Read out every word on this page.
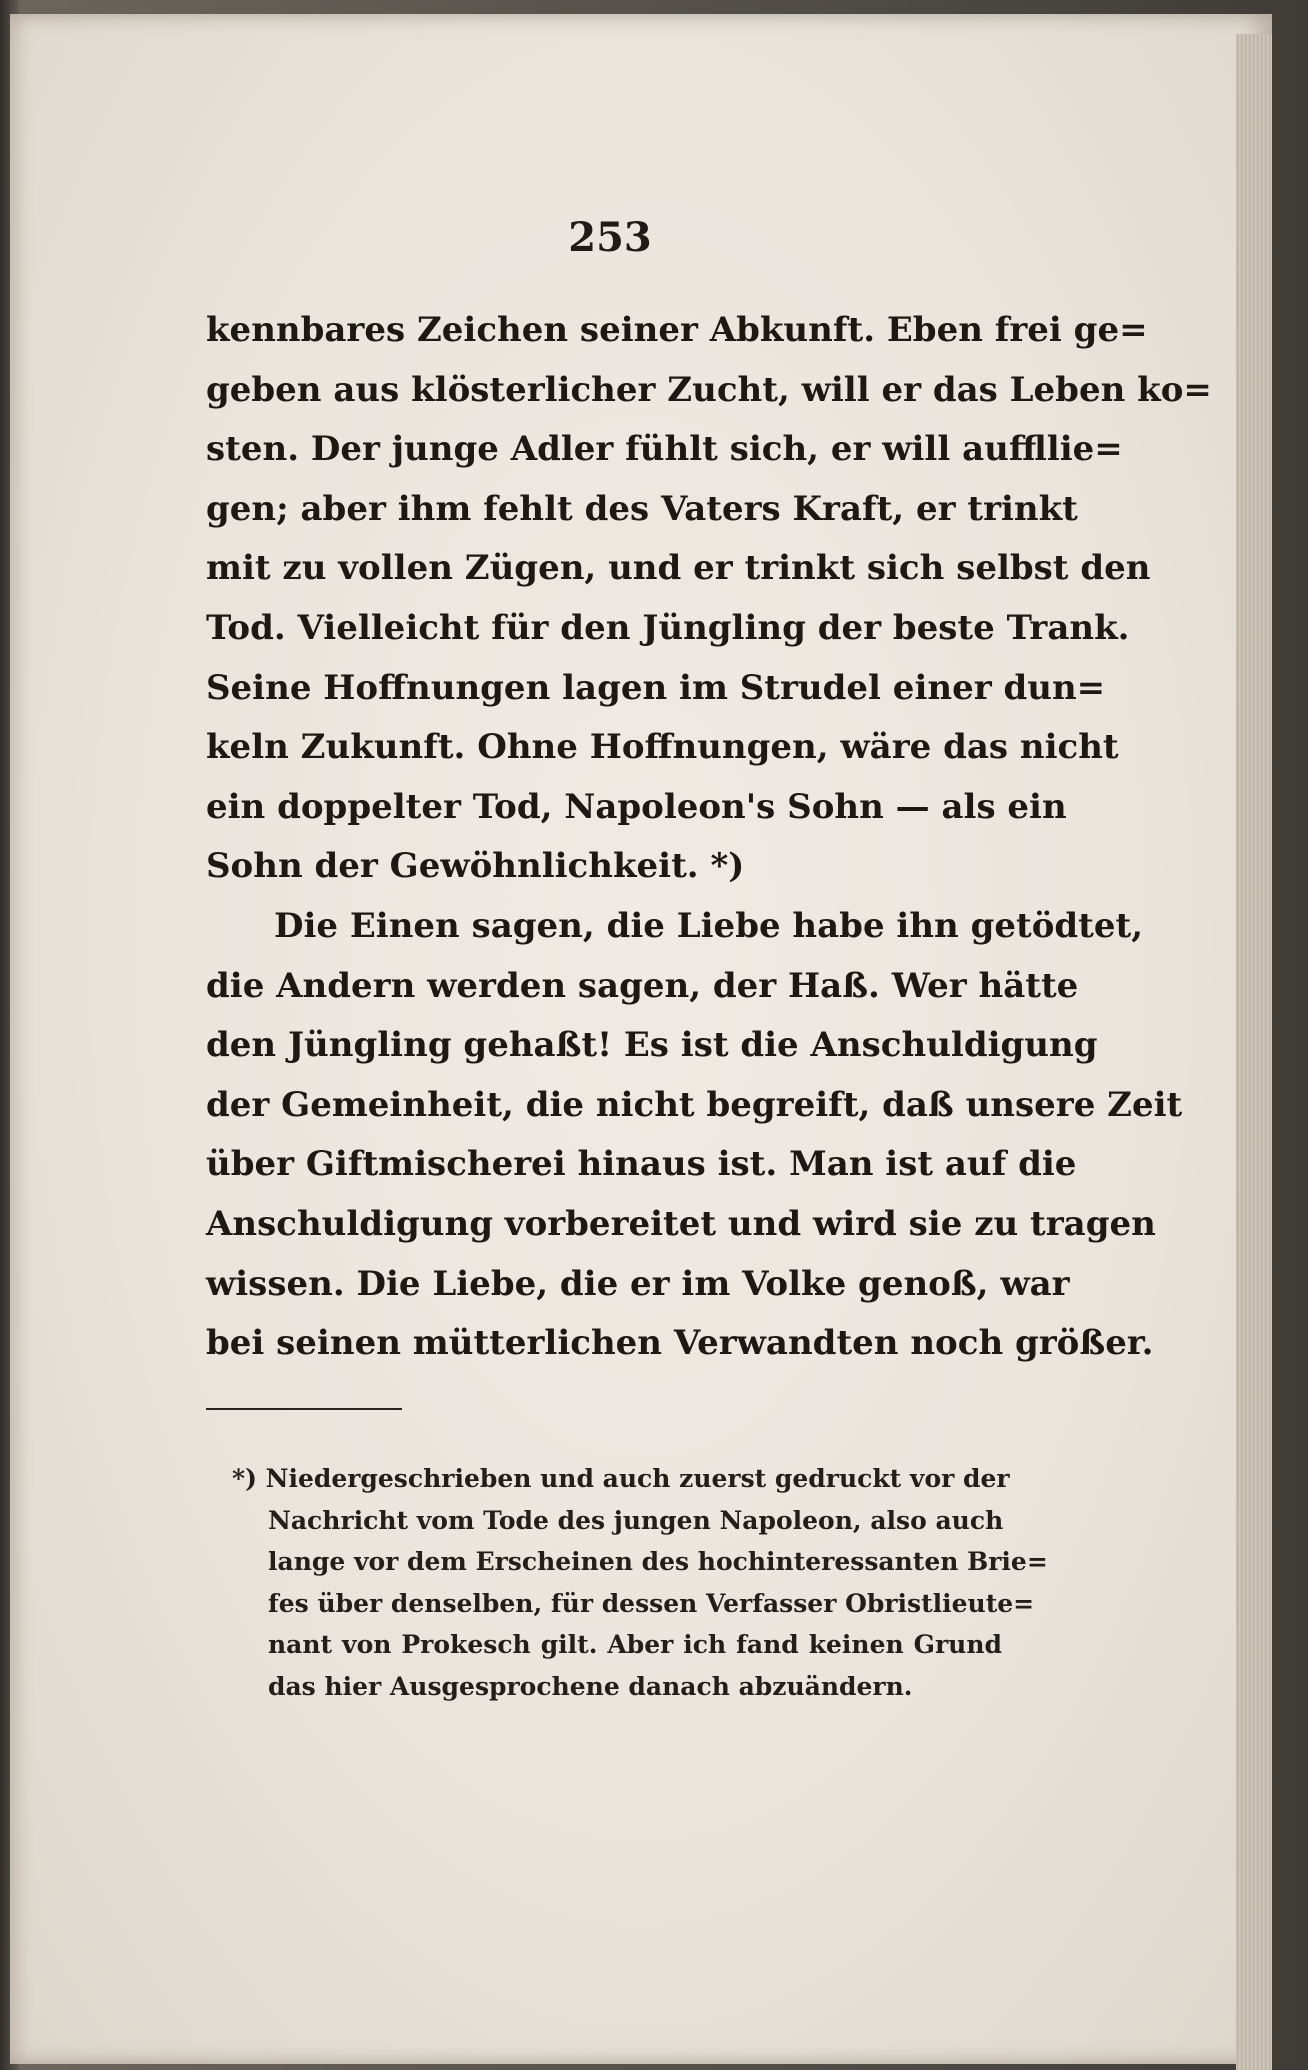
253
kennbares Zeichen seiner Abkunft. Eben frei ge=
geben aus klösterlicher Zucht, will er das Leben ko=
sten. Der junge Adler fühlt sich, er will auffllie=
gen; aber ihm fehlt des Vaters Kraft, er trinkt
mit zu vollen Zügen, und er trinkt sich selbst den
Tod. Vielleicht für den Jüngling der beste Trank.
Seine Hoffnungen lagen im Strudel einer dun=
keln Zukunft. Ohne Hoffnungen, wäre das nicht
ein doppelter Tod, Napoleon's Sohn — als ein
Sohn der Gewöhnlichkeit. *)
Die Einen sagen, die Liebe habe ihn getödtet,
die Andern werden sagen, der Haß. Wer hätte
den Jüngling gehaßt! Es ist die Anschuldigung
der Gemeinheit, die nicht begreift, daß unsere Zeit
über Giftmischerei hinaus ist. Man ist auf die
Anschuldigung vorbereitet und wird sie zu tragen
wissen. Die Liebe, die er im Volke genoß, war
bei seinen mütterlichen Verwandten noch größer.
*) Niedergeschrieben und auch zuerst gedruckt vor der
Nachricht vom Tode des jungen Napoleon, also auch
lange vor dem Erscheinen des hochinteressanten Brie=
fes über denselben, für dessen Verfasser Obristlieute=
nant von Prokesch gilt. Aber ich fand keinen Grund
das hier Ausgesprochene danach abzuändern.
